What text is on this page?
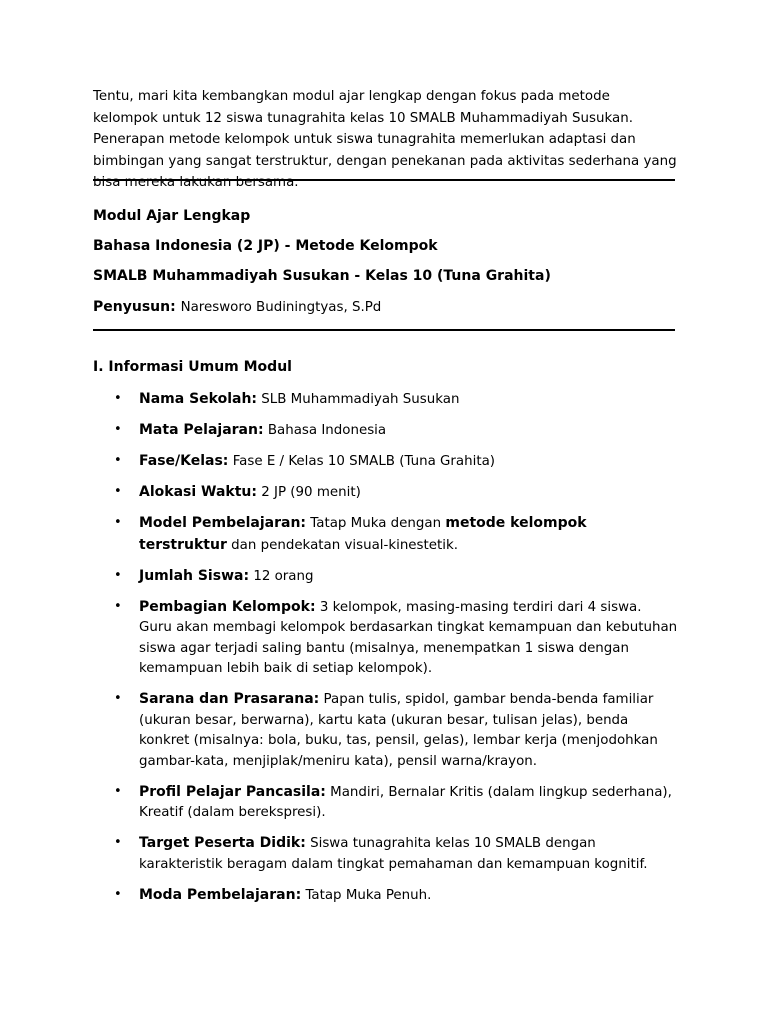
Tentu, mari kita kembangkan modul ajar lengkap dengan fokus pada metode kelompok untuk 12 siswa tunagrahita kelas 10 SMALB Muhammadiyah Susukan. Penerapan metode kelompok untuk siswa tunagrahita memerlukan adaptasi dan bimbingan yang sangat terstruktur, dengan penekanan pada aktivitas sederhana yang bisa mereka lakukan bersama.

Modul Ajar Lengkap

Bahasa Indonesia (2 JP) - Metode Kelompok

SMALB Muhammadiyah Susukan - Kelas 10 (Tuna Grahita)

Penyusun: Naresworo Budiningtyas, S.Pd

I. Informasi Umum Modul

• Nama Sekolah: SLB Muhammadiyah Susukan
• Mata Pelajaran: Bahasa Indonesia
• Fase/Kelas: Fase E / Kelas 10 SMALB (Tuna Grahita)
• Alokasi Waktu: 2 JP (90 menit)
• Model Pembelajaran: Tatap Muka dengan metode kelompok terstruktur dan pendekatan visual-kinestetik.
• Jumlah Siswa: 12 orang
• Pembagian Kelompok: 3 kelompok, masing-masing terdiri dari 4 siswa. Guru akan membagi kelompok berdasarkan tingkat kemampuan dan kebutuhan siswa agar terjadi saling bantu (misalnya, menempatkan 1 siswa dengan kemampuan lebih baik di setiap kelompok).
• Sarana dan Prasarana: Papan tulis, spidol, gambar benda-benda familiar (ukuran besar, berwarna), kartu kata (ukuran besar, tulisan jelas), benda konkret (misalnya: bola, buku, tas, pensil, gelas), lembar kerja (menjodohkan gambar-kata, menjiplak/meniru kata), pensil warna/krayon.
• Profil Pelajar Pancasila: Mandiri, Bernalar Kritis (dalam lingkup sederhana), Kreatif (dalam berekspresi).
• Target Peserta Didik: Siswa tunagrahita kelas 10 SMALB dengan karakteristik beragam dalam tingkat pemahaman dan kemampuan kognitif.
• Moda Pembelajaran: Tatap Muka Penuh.
